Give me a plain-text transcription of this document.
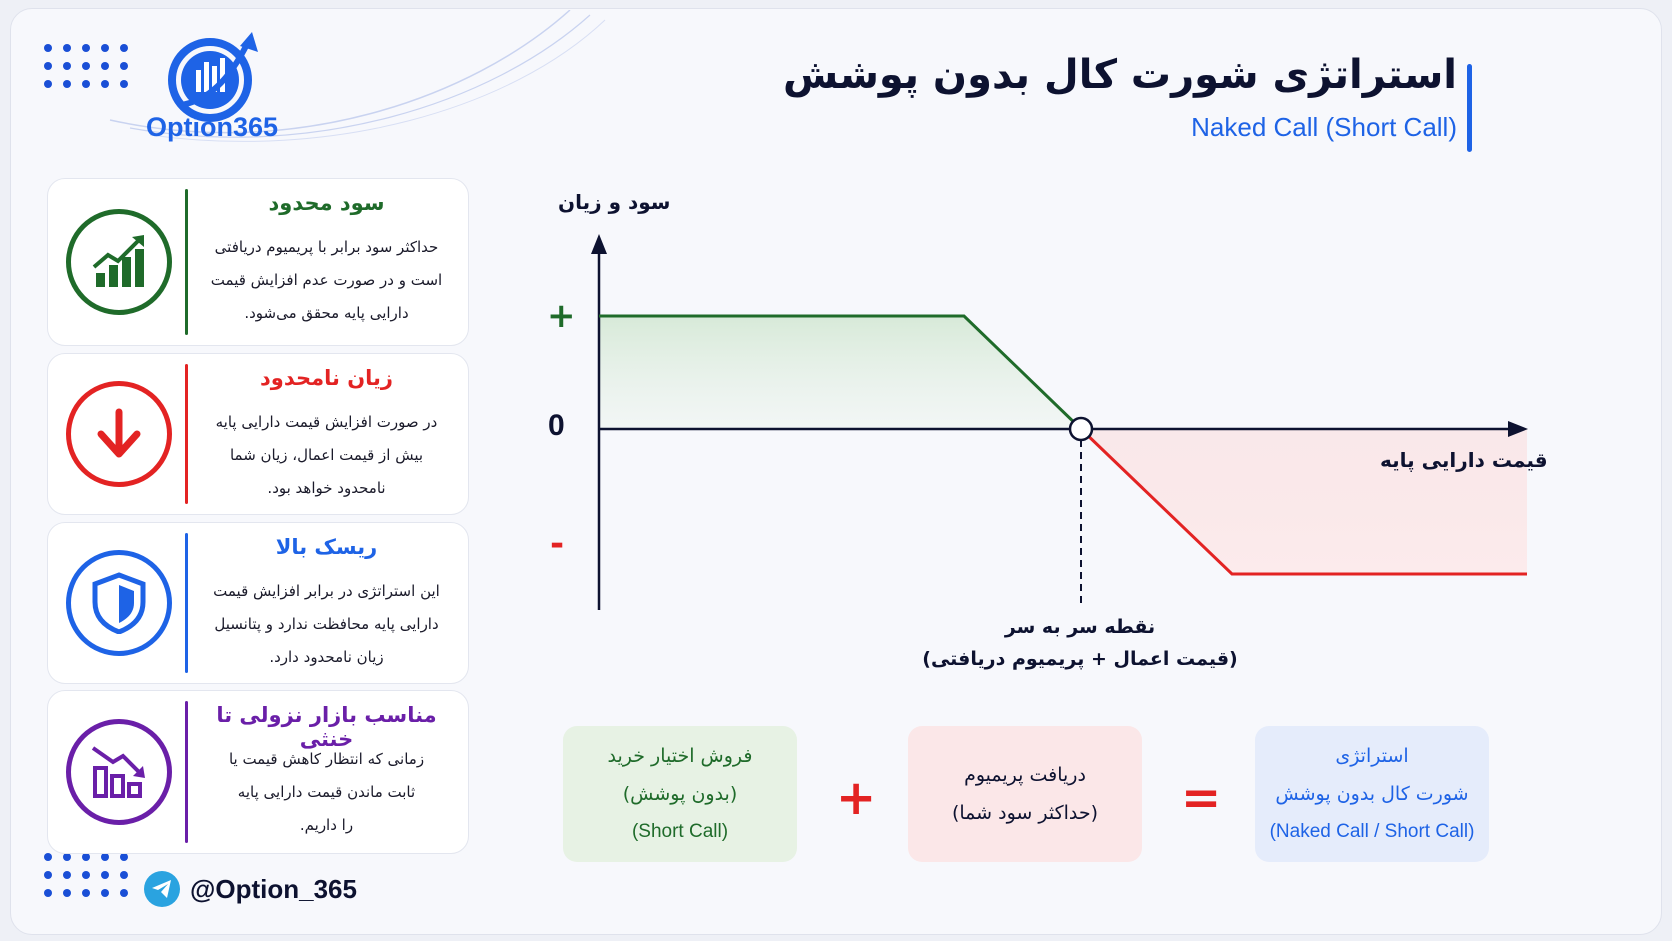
Option365
استراتژی شورت کال بدون پوشش
Naked Call (Short Call)
سود محدود
حداکثر سود برابر با پریمیوم دریافتی
است و در صورت عدم افزایش قیمت
دارایی پایه محقق می‌شود.
زیان نامحدود
در صورت افزایش قیمت دارایی پایه
بیش از قیمت اعمال، زیان شما
نامحدود خواهد بود.
ریسک بالا
این استراتژی در برابر افزایش قیمت
دارایی پایه محافظت ندارد و پتانسیل
زیان نامحدود دارد.
مناسب بازار نزولی تا خنثی
زمانی که انتظار کاهش قیمت یا
ثابت ماندن قیمت دارایی پایه
را داریم.
سود و زیان
قیمت دارایی پایه
+
0
-
نقطه سر به سر
(قیمت اعمال + پریمیوم دریافتی)
فروش اختیار خرید
(بدون پوشش)
(Short Call)
+	دریافت پریمیوم
(حداکثر سود شما) =
استراتژی
شورت کال بدون پوشش
(Naked Call / Short Call)
@Option_365
